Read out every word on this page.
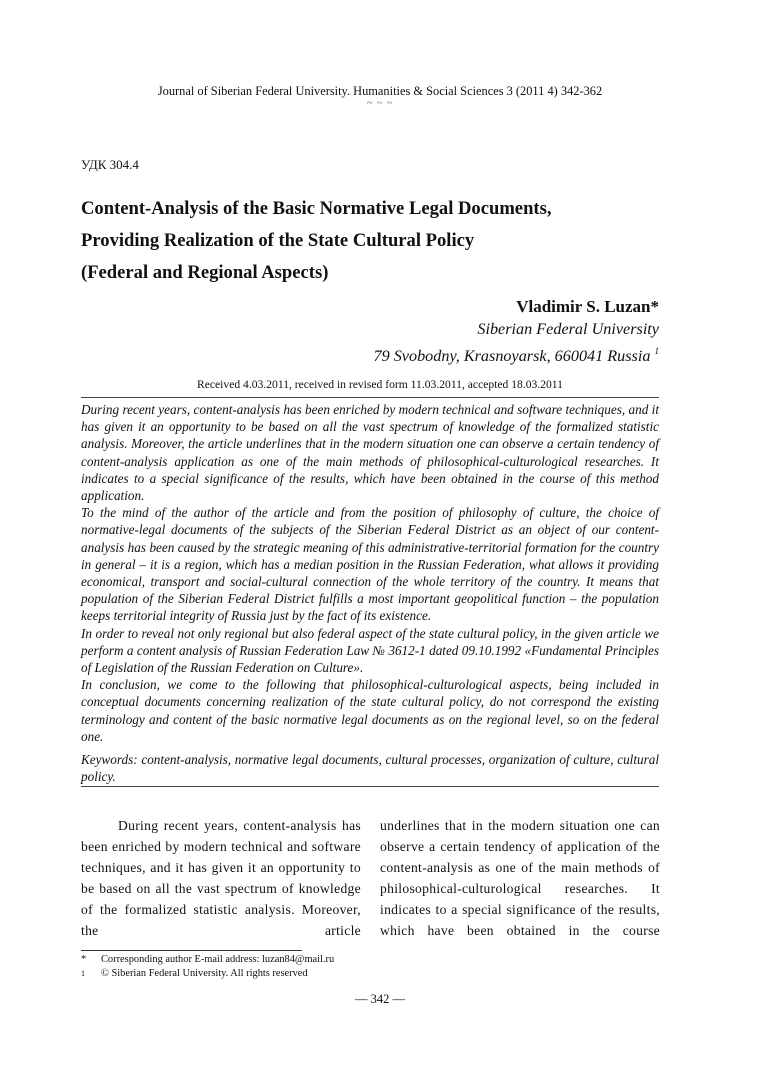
Journal of Siberian Federal University. Humanities & Social Sciences 3 (2011 4) 342-362
~ ~ ~
УДК 304.4
Content-Analysis of the Basic Normative Legal Documents,
Providing Realization of the State Cultural Policy
(Federal and Regional Aspects)
Vladimir S. Luzan*
Siberian Federal University
79 Svobodny, Krasnoyarsk, 660041 Russia $^1$
Received 4.03.2011, received in revised form 11.03.2011, accepted 18.03.2011

During recent years, content-analysis has been enriched by modern technical and software techniques, and it has given it an opportunity to be based on all the vast spectrum of knowledge of the formalized statistic analysis. Moreover, the article underlines that in the modern situation one can observe a certain tendency of content-analysis application as one of the main methods of philosophical-culturological researches. It indicates to a special significance of the results, which have been obtained in the course of this method application.

To the mind of the author of the article and from the position of philosophy of culture, the choice of normative-legal documents of the subjects of the Siberian Federal District as an object of our content-analysis has been caused by the strategic meaning of this administrative-territorial formation for the country in general – it is a region, which has a median position in the Russian Federation, what allows it providing economical, transport and social-cultural connection of the whole territory of the country. It means that population of the Siberian Federal District fulfills a most important geopolitical function – the population keeps territorial integrity of Russia just by the fact of its existence.

In order to reveal not only regional but also federal aspect of the state cultural policy, in the given article we perform a content analysis of Russian Federation Law № 3612-1 dated 09.10.1992 «Fundamental Principles of Legislation of the Russian Federation on Culture».

In conclusion, we come to the following that philosophical-culturological aspects, being included in conceptual documents concerning realization of the state cultural policy, do not correspond the existing terminology and content of the basic normative legal documents as on the regional level, so on the federal one.

Keywords: content-analysis, normative legal documents, cultural processes, organization of culture, cultural policy.

During recent years, content-analysis has been enriched by modern technical and software techniques, and it has given it an opportunity to be based on all the vast spectrum of knowledge of the formalized statistic analysis. Moreover, the article

underlines that in the modern situation one can observe a certain tendency of application of the content-analysis as one of the main methods of philosophical-culturological researches. It indicates to a special significance of the results, which have been obtained in the course

*	Corresponding author E-mail address: luzan84@mail.ru
1	© Siberian Federal University. All rights reserved
— 342 —
